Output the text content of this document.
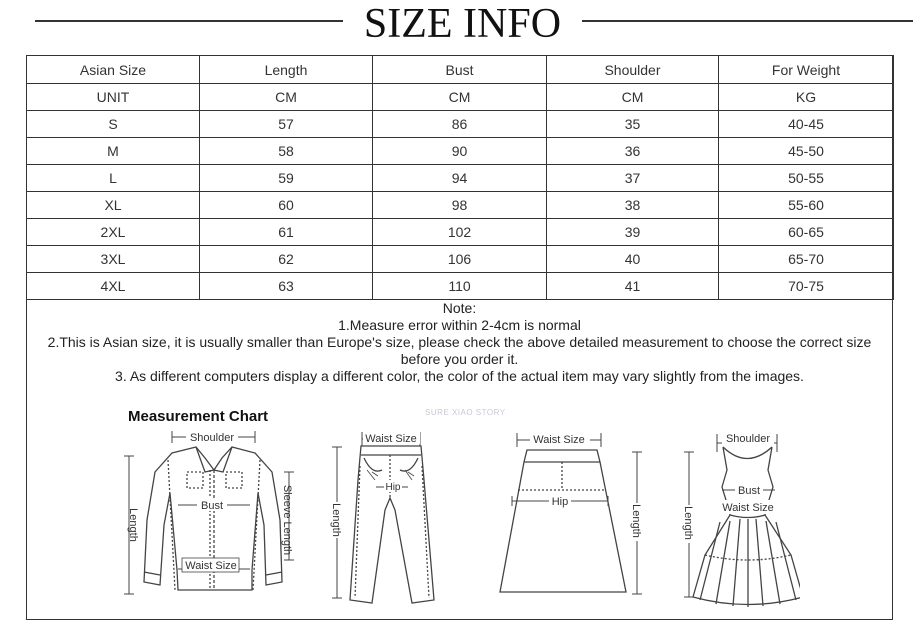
SIZE INFO
Asian Size	Length	Bust	Shoulder	For Weight
UNIT	CM	CM	CM	KG
S	57	86	35	40-45
M	58	90	36	45-50
L	59	94	37	50-55
XL	60	98	38	55-60
2XL	61	102	39	60-65
3XL	62	106	40	65-70
4XL	63	110	41	70-75
Note:
1.Measure error within 2-4cm is normal
2.This is Asian size, it is usually smaller than Europe's size, please check the above detailed measurement to choose the correct size before you order it.
3. As different computers display a different color, the color of the actual item may vary slightly from the images.
Measurement Chart	SURE XIAO STORY
Shoulder
Bust
Waist Size
Length	Sleeve Length
Waist Size
Hip
Length
Waist Size
Hip
Length
Shoulder
Bust
Waist Size
Length
